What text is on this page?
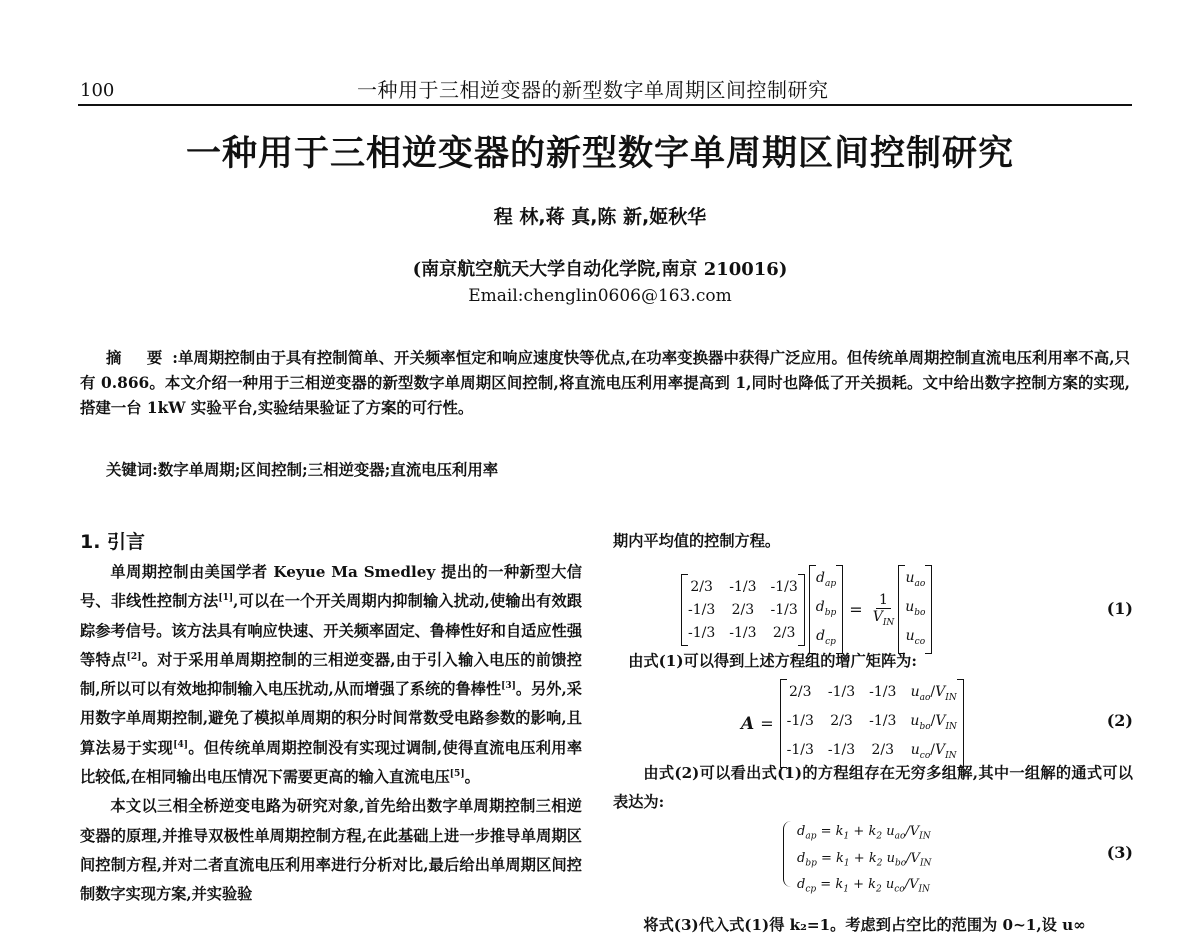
100	一种用于三相逆变器的新型数字单周期区间控制研究
一种用于三相逆变器的新型数字单周期区间控制研究
程 林,蒋 真,陈 新,姬秋华
(南京航空航天大学自动化学院,南京 210016)
Email:chenglin0606@163.com
摘 要:单周期控制由于具有控制简单、开关频率恒定和响应速度快等优点,在功率变换器中获得广泛应用。但传统单周期控制直流电压利用率不高,只有 0.866。本文介绍一种用于三相逆变器的新型数字单周期区间控制,将直流电压利用率提高到 1,同时也降低了开关损耗。文中给出数字控制方案的实现,搭建一台 1kW 实验平台,实验结果验证了方案的可行性。
关键词:数字单周期;区间控制;三相逆变器;直流电压利用率
1. 引言

单周期控制由美国学者 Keyue Ma Smedley 提出的一种新型大信号、非线性控制方法[1],可以在一个开关周期内抑制输入扰动,使输出有效跟踪参考信号。该方法具有响应快速、开关频率固定、鲁棒性好和自适应性强等特点[2]。对于采用单周期控制的三相逆变器,由于引入输入电压的前馈控制,所以可以有效地抑制输入电压扰动,从而增强了系统的鲁棒性[3]。另外,采用数字单周期控制,避免了模拟单周期的积分时间常数受电路参数的影响,且算法易于实现[4]。但传统单周期控制没有实现过调制,使得直流电压利用率比较低,在相同输出电压情况下需要更高的输入直流电压[5]。

本文以三相全桥逆变电路为研究对象,首先给出数字单周期控制三相逆变器的原理,并推导双极性单周期控制方程,在此基础上进一步推导单周期区间控制方程,并对二者直流电压利用率进行分析对比,最后给出单周期区间控制数字实现方案,并实验验

期内平均值的控制方程。
2/3 -1/3 -1/3
-1/3 2/3 -1/3
-1/3 -1/3 2/3
$d_{ap}$
$d_{bp}$
$d_{cp}$
= $\frac{1}{V_{IN}}$
$u_{ao}$
$u_{bo}$
$u_{co}$
(1)
由式(1)可以得到上述方程组的增广矩阵为:
A =
2/3 -1/3 -1/3 $u_{ao}/V_{IN}$
-1/3 2/3 -1/3 $u_{bo}/V_{IN}$
-1/3 -1/3 2/3 $u_{co}/V_{IN}$
(2)
由式(2)可以看出式(1)的方程组存在无穷多组解,其中一组解的通式可以表达为:
$d_{ap} = k_1 + k_2$ $u_{ao}/V_{IN}$
$d_{bp} = k_1 + k_2$ $u_{bo}/V_{IN}$
$d_{cp} = k_1 + k_2$ $u_{co}/V_{IN}$
(3)
将式(3)代入式(1)得 k₂=1。考虑到占空比的范围为 0~1,设 u∞
